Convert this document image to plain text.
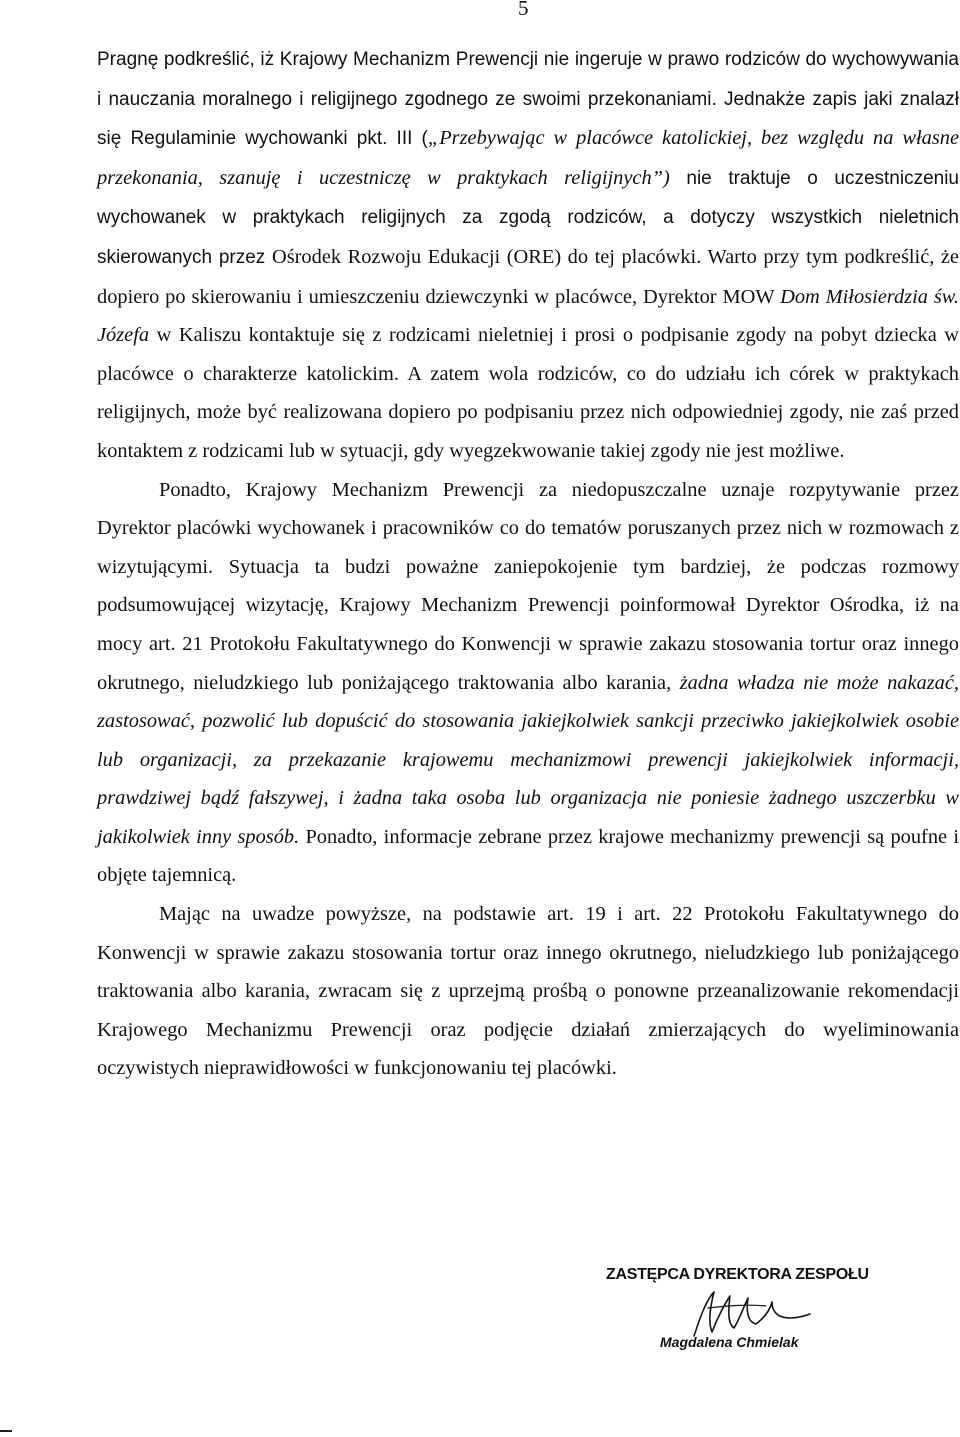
5

Pragnę podkreślić, iż Krajowy Mechanizm Prewencji nie ingeruje w prawo rodziców do wychowywania i nauczania moralnego i religijnego zgodnego ze swoimi przekonaniami. Jednakże zapis jaki znalazł się Regulaminie wychowanki pkt. III („Przebywając w placówce katolickiej, bez względu na własne przekonania, szanuję i uczestniczę w praktykach religijnych”) nie traktuje o uczestniczeniu wychowanek w praktykach religijnych za zgodą rodziców, a dotyczy wszystkich nieletnich skierowanych przez Ośrodek Rozwoju Edukacji (ORE) do tej placówki. Warto przy tym podkreślić, że dopiero po skierowaniu i umieszczeniu dziewczynki w placówce, Dyrektor MOW Dom Miłosierdzia św. Józefa w Kaliszu kontaktuje się z rodzicami nieletniej i prosi o podpisanie zgody na pobyt dziecka w placówce o charakterze katolickim. A zatem wola rodziców, co do udziału ich córek w praktykach religijnych, może być realizowana dopiero po podpisaniu przez nich odpowiedniej zgody, nie zaś przed kontaktem z rodzicami lub w sytuacji, gdy wyegzekwowanie takiej zgody nie jest możliwe.

Ponadto, Krajowy Mechanizm Prewencji za niedopuszczalne uznaje rozpytywanie przez Dyrektor placówki wychowanek i pracowników co do tematów poruszanych przez nich w rozmowach z wizytującymi. Sytuacja ta budzi poważne zaniepokojenie tym bardziej, że podczas rozmowy podsumowującej wizytację, Krajowy Mechanizm Prewencji poinformował Dyrektor Ośrodka, iż na mocy art. 21 Protokołu Fakultatywnego do Konwencji w sprawie zakazu stosowania tortur oraz innego okrutnego, nieludzkiego lub poniżającego traktowania albo karania, żadna władza nie może nakazać, zastosować, pozwolić lub dopuścić do stosowania jakiejkolwiek sankcji przeciwko jakiejkolwiek osobie lub organizacji, za przekazanie krajowemu mechanizmowi prewencji jakiejkolwiek informacji, prawdziwej bądź fałszywej, i żadna taka osoba lub organizacja nie poniesie żadnego uszczerbku w jakikolwiek inny sposób. Ponadto, informacje zebrane przez krajowe mechanizmy prewencji są poufne i objęte tajemnicą.

Mając na uwadze powyższe, na podstawie art. 19 i art. 22 Protokołu Fakultatywnego do Konwencji w sprawie zakazu stosowania tortur oraz innego okrutnego, nieludzkiego lub poniżającego traktowania albo karania, zwracam się z uprzejmą prośbą o ponowne przeanalizowanie rekomendacji Krajowego Mechanizmu Prewencji oraz podjęcie działań zmierzających do wyeliminowania oczywistych nieprawidłowości w funkcjonowaniu tej placówki.

ZASTĘPCA DYREKTORA ZESPOŁU
Magdalena Chmielak
